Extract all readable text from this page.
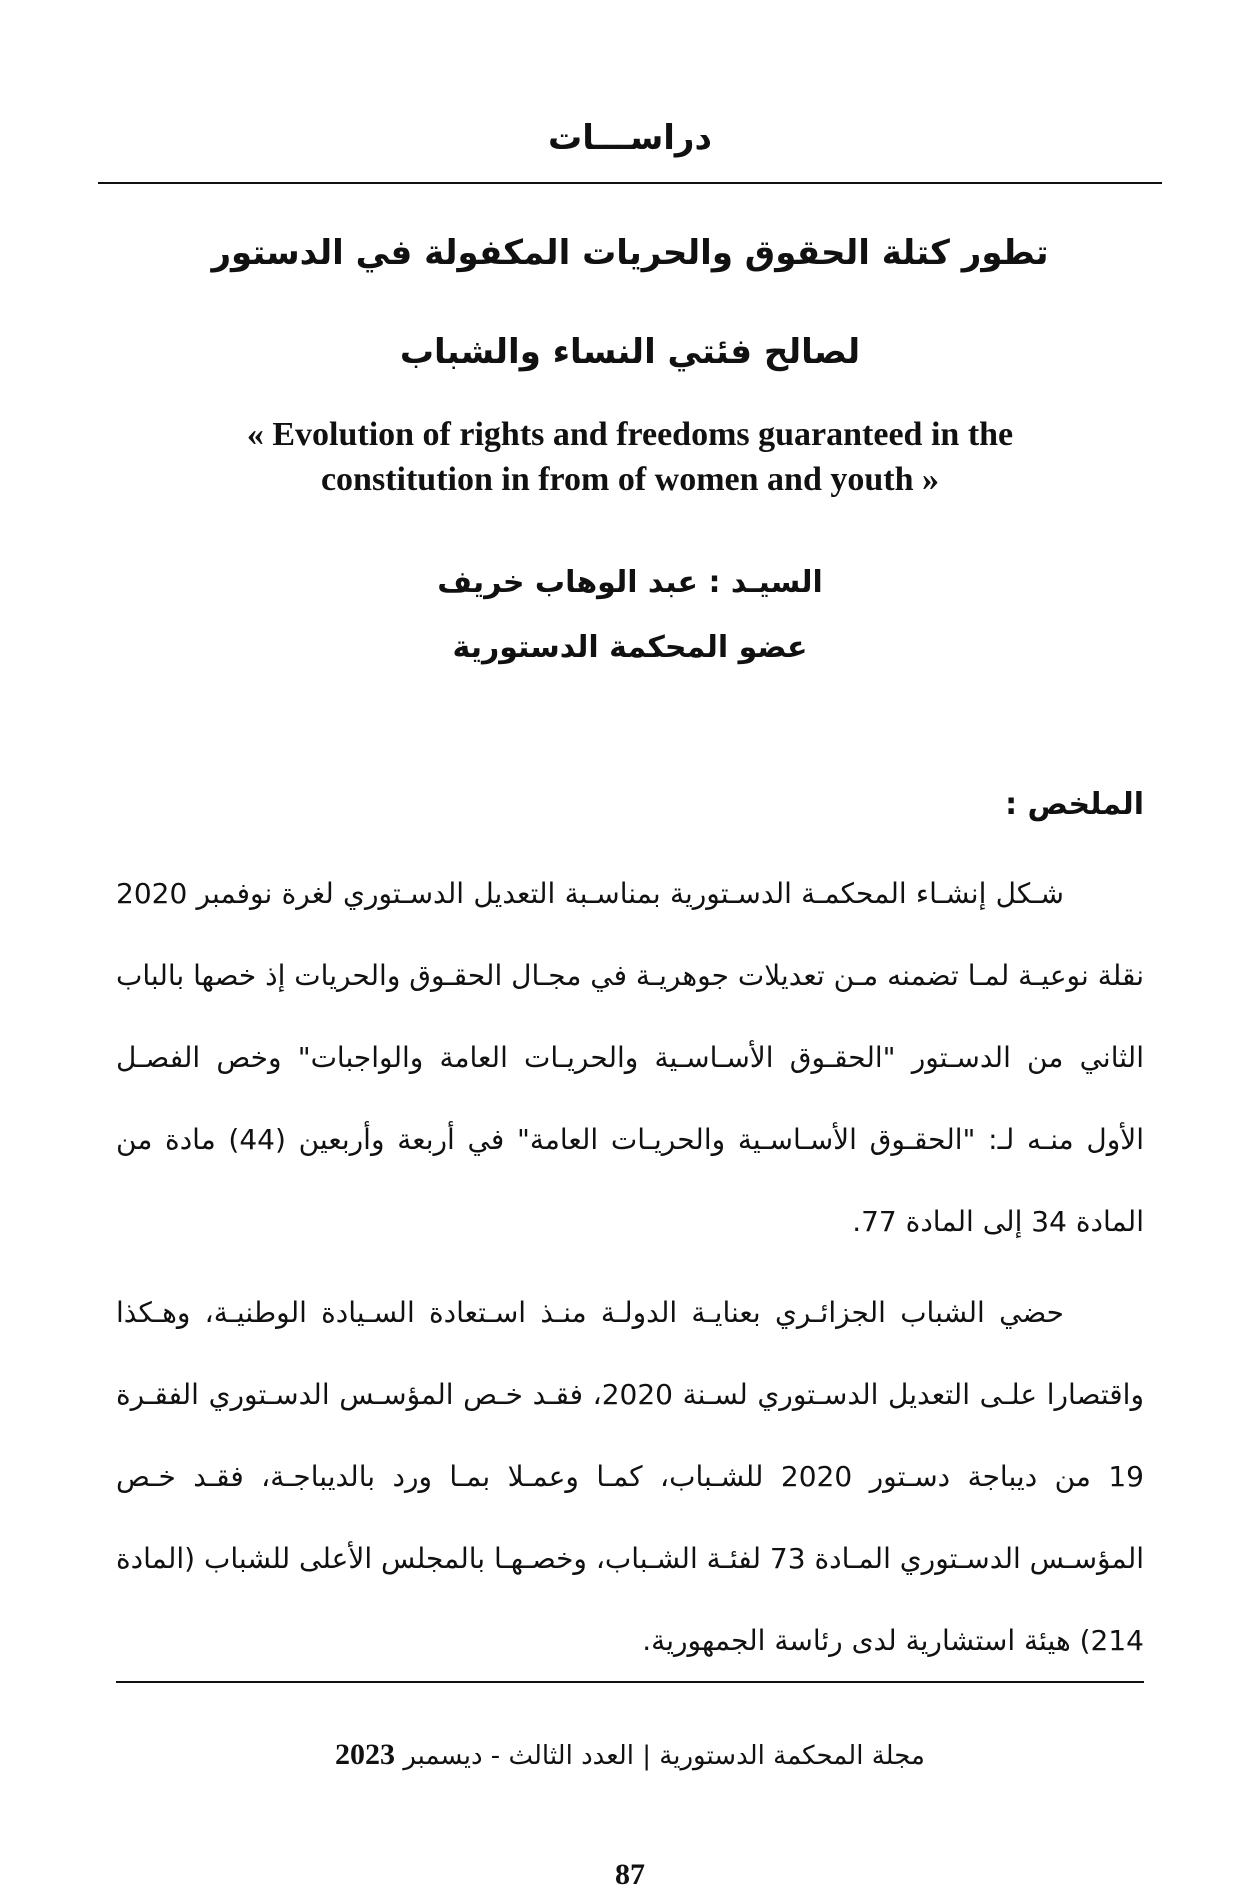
دراســـات
تطور كتلة الحقوق والحريات المكفولة في الدستور
لصالح فئتي النساء والشباب
« Evolution of rights and freedoms guaranteed in the
constitution in from of women and youth »
السيـد : عبد الوهاب خريف
عضو المحكمة الدستورية
الملخص :

شـكل إنشـاء المحكمـة الدسـتورية بمناسـبة التعديل الدسـتوري لغرة نوفمبر 2020 نقلة نوعيـة لمـا تضمنه مـن تعديلات جوهريـة في مجـال الحقـوق والحريات إذ خصها بالباب الثاني من الدسـتور "الحقـوق الأسـاسـية والحريـات العامة والواجبات" وخص الفصـل الأول منـه لـ: "الحقـوق الأسـاسـية والحريـات العامة" في أربعة وأربعين (44) مادة من المادة 34 إلى المادة 77.

حضي الشباب الجزائـري بعنايـة الدولـة منـذ اسـتعادة السـيادة الوطنيـة، وهـكذا واقتصارا علـى التعديل الدسـتوري لسـنة 2020، فقـد خـص المؤسـس الدسـتوري الفقـرة 19 من ديباجة دسـتور 2020 للشـباب، كمـا وعمـلا بمـا ورد بالديباجـة، فقـد خـص المؤسـس الدسـتوري المـادة 73 لفئـة الشـباب، وخصـهـا بالمجلس الأعلى للشباب (المادة 214) هيئة استشارية لدى رئاسة الجمهورية.

مجلة المحكمة الدستورية | العدد الثالث - ديسمبر 2023
87
